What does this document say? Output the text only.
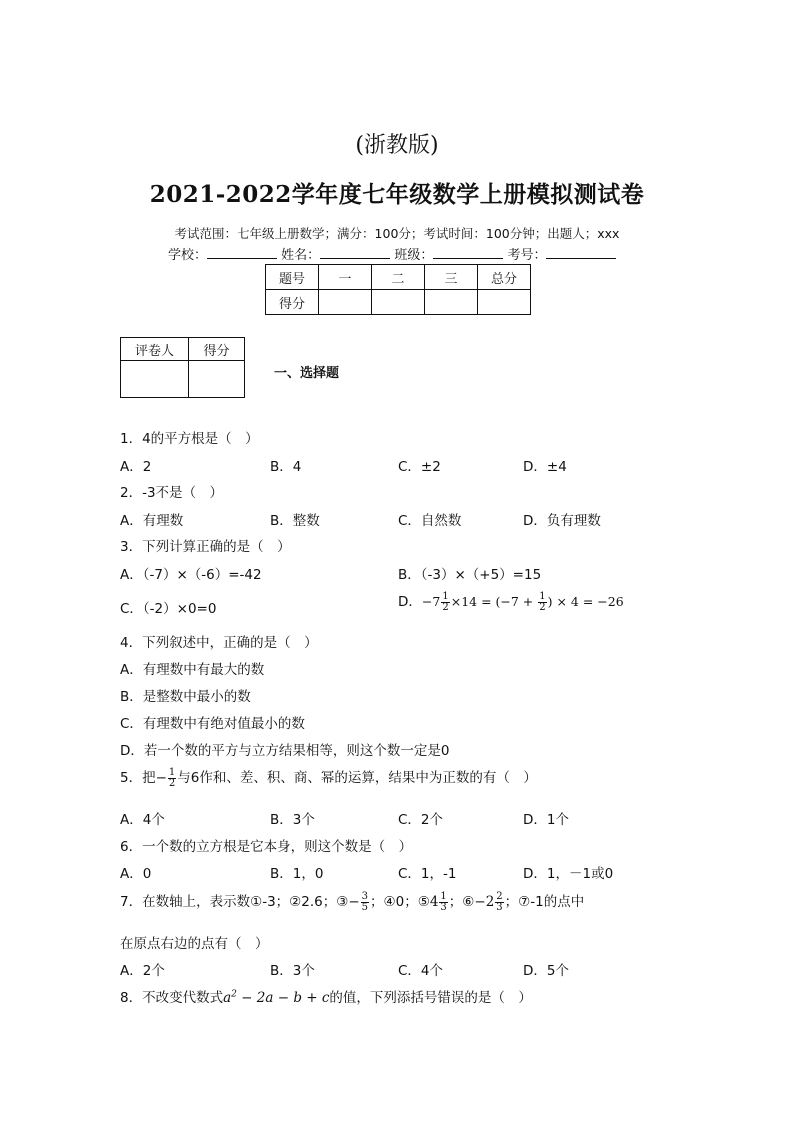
(浙教版)
2021-2022学年度七年级数学上册模拟测试卷
考试范围：七年级上册数学；满分：100分；考试时间：100分钟；出题人；xxx
学校：	姓名：	班级：	考号：
题号	一	二	三	总分
得分				
评卷人	得分

一、选择题
1．4的平方根是（　）
A．2	B．4	C．±2	D．±4
2．-3不是（　）
A．有理数	B．整数	C．自然数	D．负有理数
3．下列计算正确的是（　）
A．（-7）×（-6）=-42	B．（-3）×（+5）=15
C．（-2）×0=0	D．$-7 \frac{1}{2} \times 14 = (-7 + \frac{1}{2}$ ) × 4 = −26
4．下列叙述中，正确的是（　）
A．有理数中有最大的数
B．是整数中最小的数
C．有理数中有绝对值最小的数
D．若一个数的平方与立方结果相等，则这个数一定是0
5．把− $\frac{1}{2}$ 与6作和、差、积、商、幂的运算，结果中为正数的有（　）
A．4个	B．3个	C．2个	D．1个
6．一个数的立方根是它本身，则这个数是（　）
A．0	B．1，0	C．1，-1	D．1，－1或0
7．在数轴上，表示数①-3；②2.6；③− $\frac{3}{5}$ ；④0；⑤4 $\frac{1}{3}$ ；⑥−2 $\frac{2}{3}$ ；⑦-1的点中
在原点右边的点有（　）
A．2个	B．3个	C．4个	D．5个
8．不改变代数式$a^2 - 2a - b + c$的值，下列添括号错误的是（　）
